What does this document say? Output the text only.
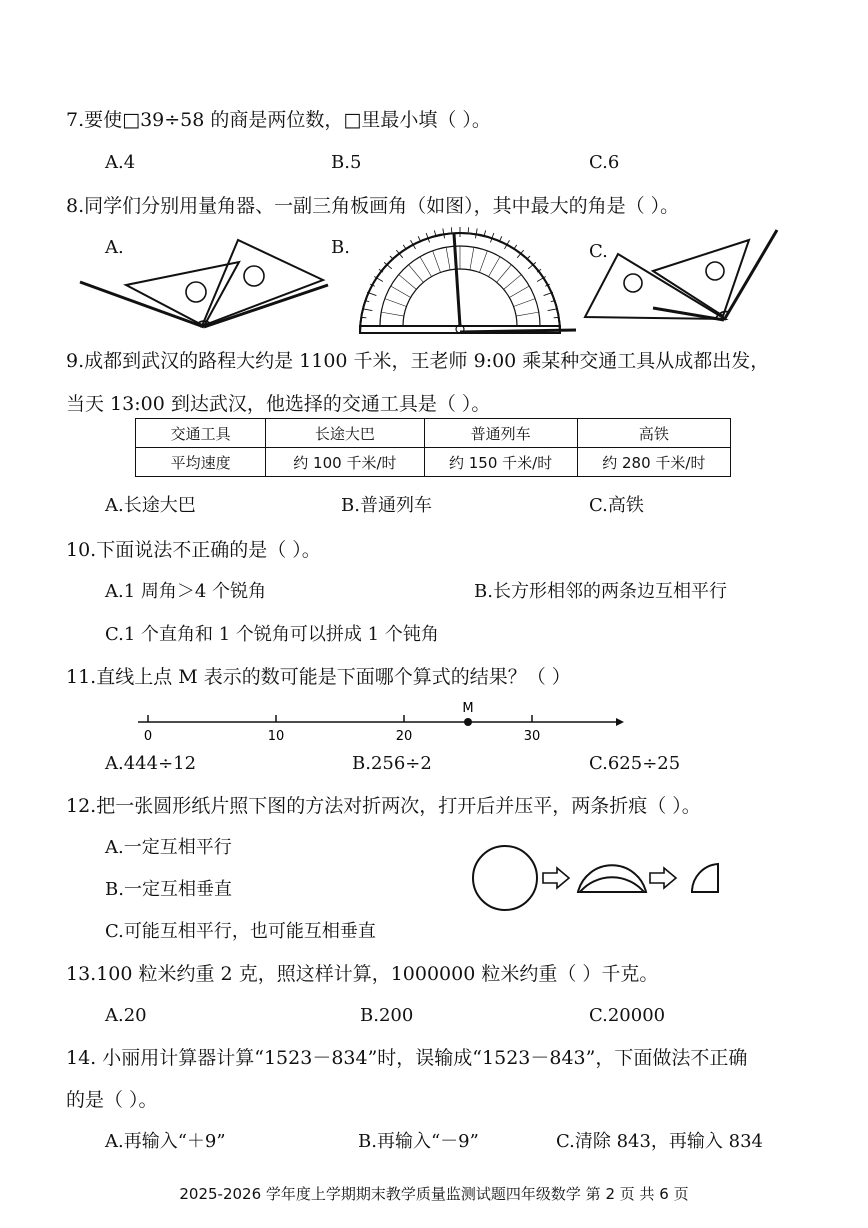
7.要使□39÷58 的商是两位数，□里最小填（ ）。
A.4	B.5	C.6
8.同学们分别用量角器、一副三角板画角（如图），其中最大的角是（ ）。
A.	B.	C.
9.成都到武汉的路程大约是 1100 千米，王老师 9:00 乘某种交通工具从成都出发，
当天 13:00 到达武汉，他选择的交通工具是（ ）。
交通工具	长途大巴	普通列车	高铁
平均速度	约 100 千米/时	约 150 千米/时	约 280 千米/时
A.长途大巴	B.普通列车	C.高铁
10.下面说法不正确的是（ ）。
A.1 周角＞4 个锐角	B.长方形相邻的两条边互相平行
C.1 个直角和 1 个锐角可以拼成 1 个钝角
11.直线上点 M 表示的数可能是下面哪个算式的结果？（ ）
0	10	20	30
M
A.444÷12	B.256÷2	C.625÷25
12.把一张圆形纸片照下图的方法对折两次，打开后并压平，两条折痕（ ）。
A.一定互相平行
B.一定互相垂直
C.可能互相平行，也可能互相垂直
13.100 粒米约重 2 克，照这样计算，1000000 粒米约重（ ）千克。
A.20	B.200	C.20000
14. 小丽用计算器计算“1523－834”时，误输成“1523－843”，下面做法不正确
的是（ ）。
A.再输入“＋9”	B.再输入“－9”	C.清除 843，再输入 834
2025-2026 学年度上学期期末教学质量监测试题四年级数学 第 2 页 共 6 页
